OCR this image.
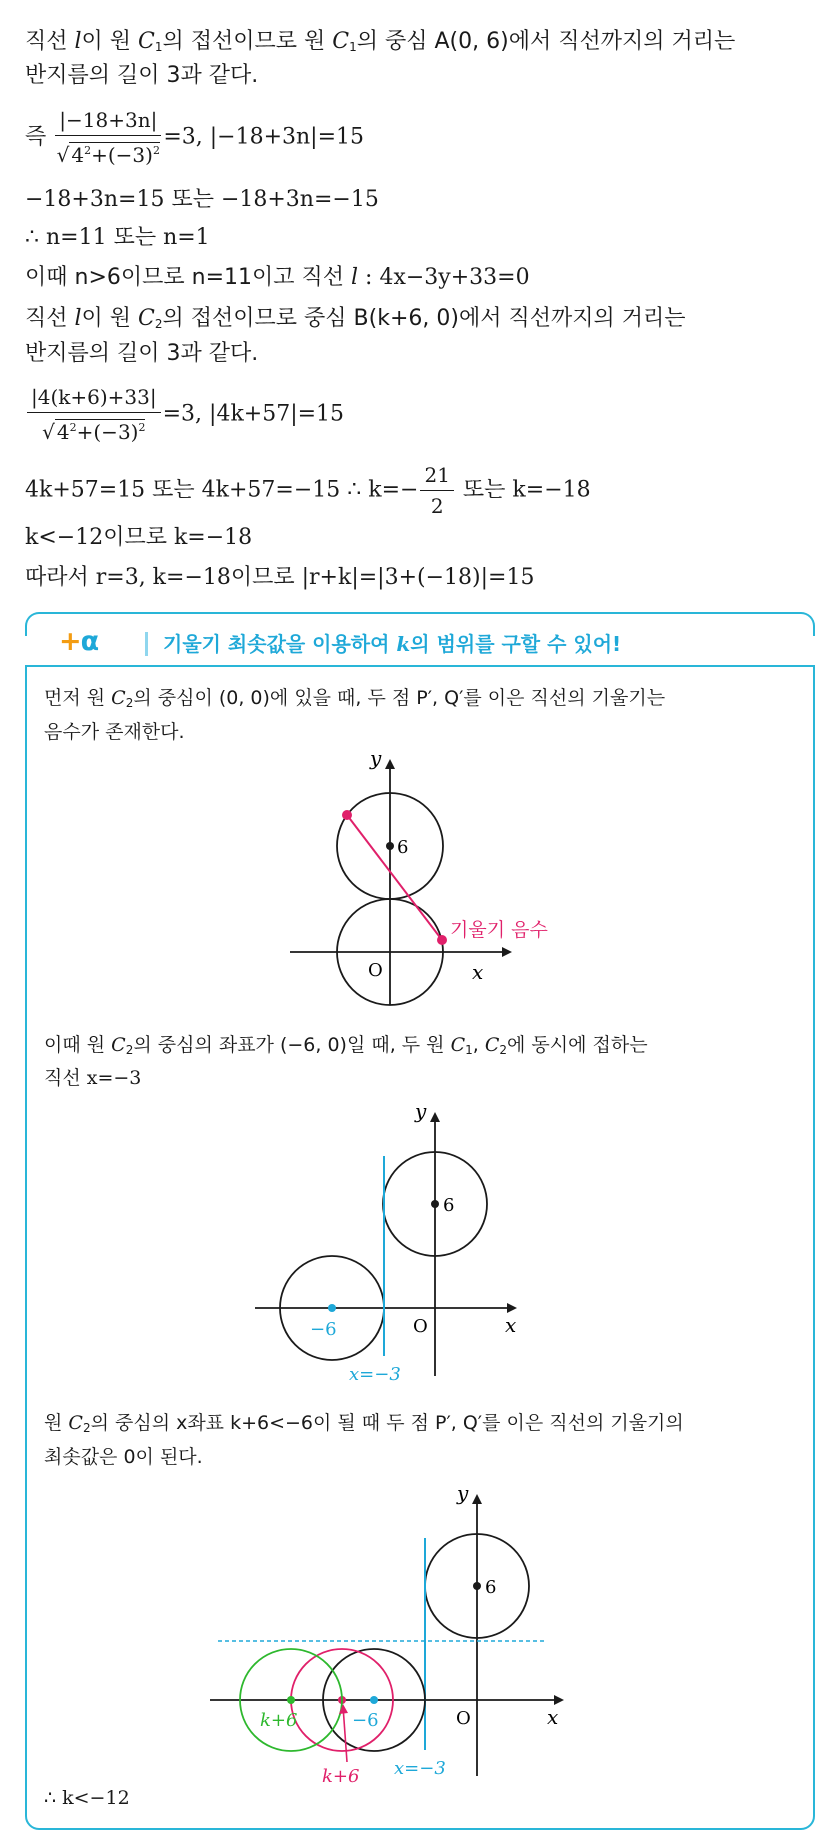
직선 l이 원 $C_1$의 접선이므로 원 $C_1$의 중심 A(0, 6)에서 직선까지의 거리는
반지름의 길이 3과 같다.
즉 $\frac{|-18+3n|}{√ 4^2+(-3)^2} =3$, |−18+3n|=15
−18+3n=15 또는 −18+3n=−15
∴ n=11 또는 n=1
이때 n>6이므로 n=11이고 직선 l : 4x−3y+33=0
직선 l이 원 $C_2$의 접선이므로 중심 B(k+6, 0)에서 직선까지의 거리는
반지름의 길이 3과 같다.
$\frac{|4(k+6)+33|}{√ 4^2+(-3)^2} =3$, |4k+57|=15
4k+57=15 또는 4k+57=−15 ∴ $k=- \frac{21}{2}$ 또는 k=−18
k<−12이므로 k=−18
따라서 r=3, k=−18이므로 |r+k|=|3+(−18)|=15
+α	기울기 최솟값을 이용하여 k의 범위를 구할 수 있어!
먼저 원 $C_2$의 중심이 (0, 0)에 있을 때, 두 점 P′, Q′를 이은 직선의 기울기는
음수가 존재한다.
y
x
O
6
기울기 음수
이때 원 $C_2$의 중심의 좌표가 (−6, 0)일 때, 두 원 $C_1$, $C_2$에 동시에 접하는
직선 x=−3
y
x
O
6
−6
x=−3
원 $C_2$의 중심의 x좌표 k+6<−6이 될 때 두 점 P′, Q′를 이은 직선의 기울기의
최솟값은 0이 된다.
y
x
O
6
x=−3
−6
k+6
k+6
∴ k<−12
